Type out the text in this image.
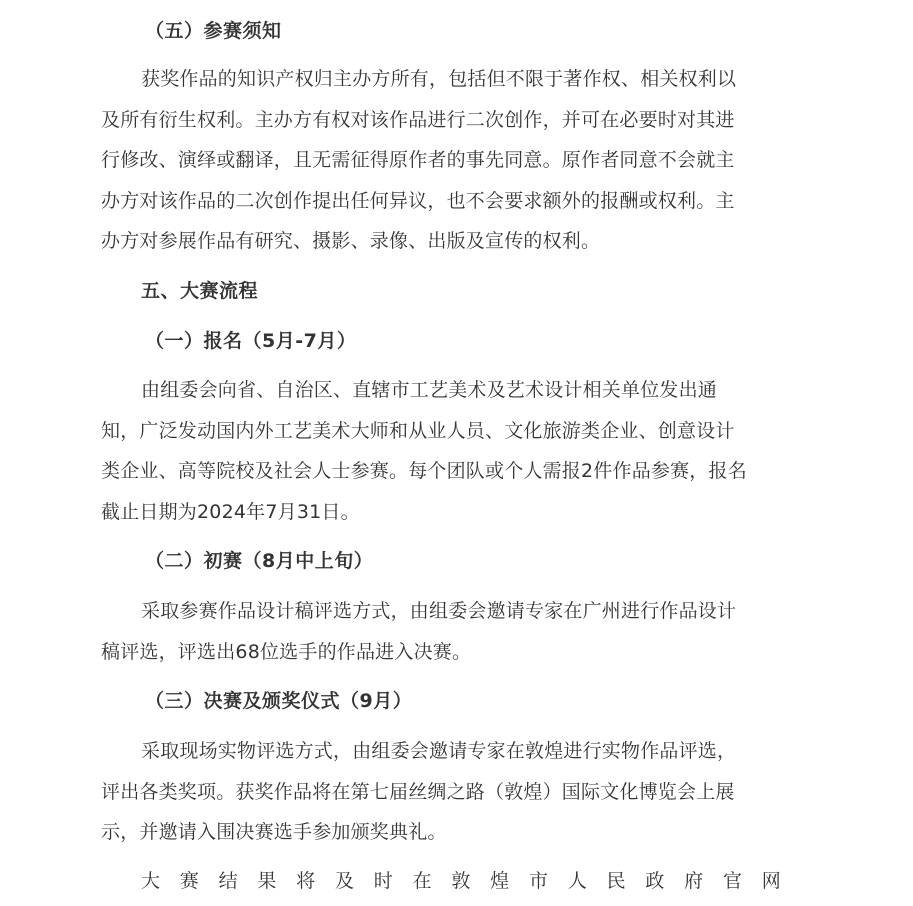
（五）参赛须知
获奖作品的知识产权归主办方所有，包括但不限于著作权、相关权利以
及所有衍生权利。主办方有权对该作品进行二次创作，并可在必要时对其进
行修改、演绎或翻译，且无需征得原作者的事先同意。原作者同意不会就主
办方对该作品的二次创作提出任何异议，也不会要求额外的报酬或权利。主
办方对参展作品有研究、摄影、录像、出版及宣传的权利。
五、大赛流程
（一）报名（5月-7月）
由组委会向省、自治区、直辖市工艺美术及艺术设计相关单位发出通
知，广泛发动国内外工艺美术大师和从业人员、文化旅游类企业、创意设计
类企业、高等院校及社会人士参赛。每个团队或个人需报2件作品参赛，报名
截止日期为2024年7月31日。
（二）初赛（8月中上旬）
采取参赛作品设计稿评选方式，由组委会邀请专家在广州进行作品设计
稿评选，评选出68位选手的作品进入决赛。
（三）决赛及颁奖仪式（9月）
采取现场实物评选方式，由组委会邀请专家在敦煌进行实物作品评选，
评出各类奖项。获奖作品将在第七届丝绸之路（敦煌）国际文化博览会上展
示，并邀请入围决赛选手参加颁奖典礼。
大 赛 结 果 将 及 时 在 敦 煌 市 人 民 政 府 官 网
